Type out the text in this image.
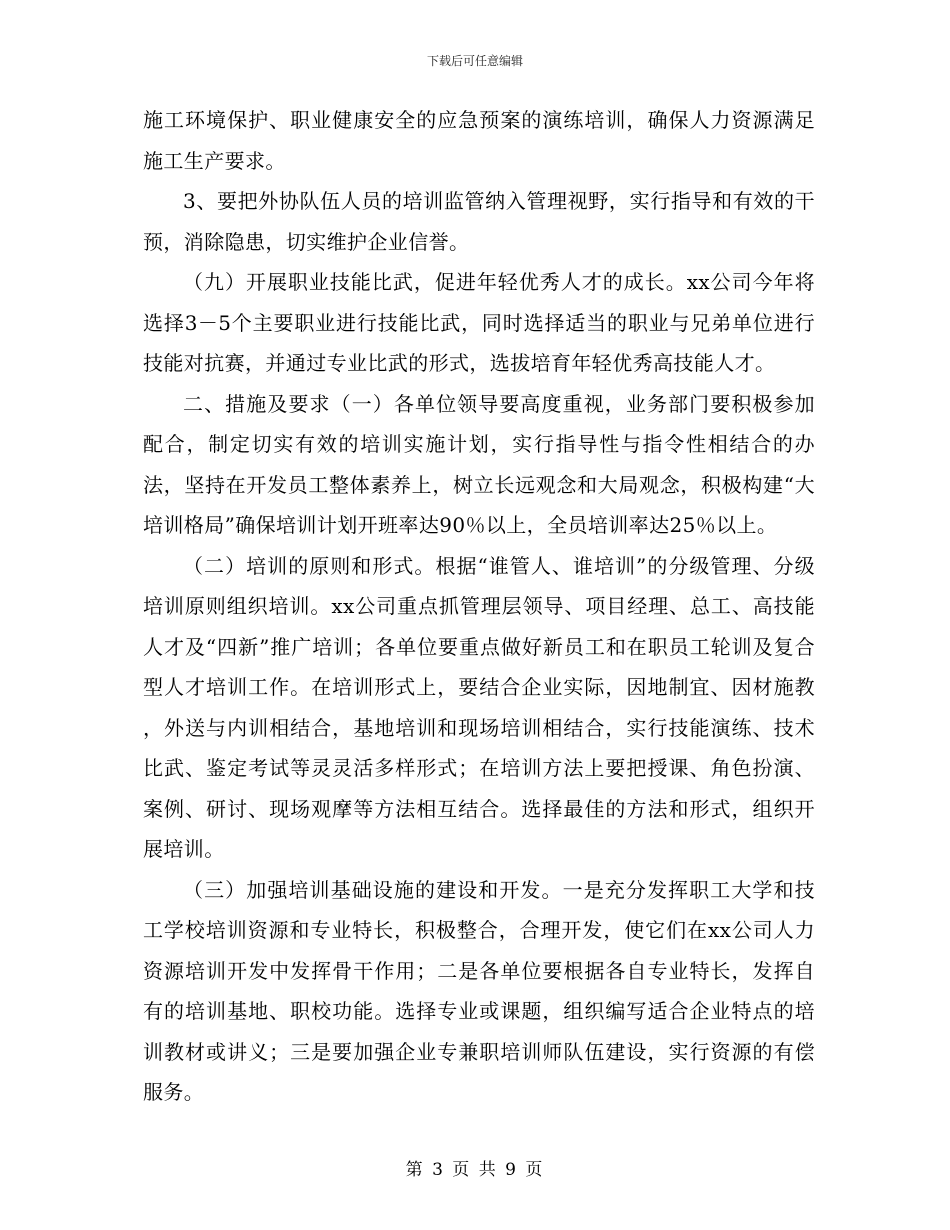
下载后可任意编辑

施工环境保护、职业健康安全的应急预案的演练培训，确保人力资源满足施工生产要求。

3、要把外协队伍人员的培训监管纳入管理视野，实行指导和有效的干预，消除隐患，切实维护企业信誉。

（九）开展职业技能比武，促进年轻优秀人才的成长。xx公司今年将选择3－5个主要职业进行技能比武，同时选择适当的职业与兄弟单位进行技能对抗赛，并通过专业比武的形式，选拔培育年轻优秀高技能人才。

二、措施及要求（一）各单位领导要高度重视，业务部门要积极参加配合，制定切实有效的培训实施计划，实行指导性与指令性相结合的办法，坚持在开发员工整体素养上，树立长远观念和大局观念，积极构建“大培训格局”确保培训计划开班率达90％以上，全员培训率达25％以上。

（二）培训的原则和形式。根据“谁管人、谁培训”的分级管理、分级培训原则组织培训。xx公司重点抓管理层领导、项目经理、总工、高技能人才及“四新”推广培训；各单位要重点做好新员工和在职员工轮训及复合型人才培训工作。在培训形式上，要结合企业实际，因地制宜、因材施教 ，外送与内训相结合，基地培训和现场培训相结合，实行技能演练、技术比武、鉴定考试等灵灵活多样形式；在培训方法上要把授课、角色扮演、案例、研讨、现场观摩等方法相互结合。选择最佳的方法和形式，组织开展培训。

（三）加强培训基础设施的建设和开发。一是充分发挥职工大学和技工学校培训资源和专业特长，积极整合，合理开发，使它们在xx公司人力资源培训开发中发挥骨干作用；二是各单位要根据各自专业特长，发挥自有的培训基地、职校功能。选择专业或课题，组织编写适合企业特点的培训教材或讲义；三是要加强企业专兼职培训师队伍建设，实行资源的有偿服务。

第 3 页 共 9 页
